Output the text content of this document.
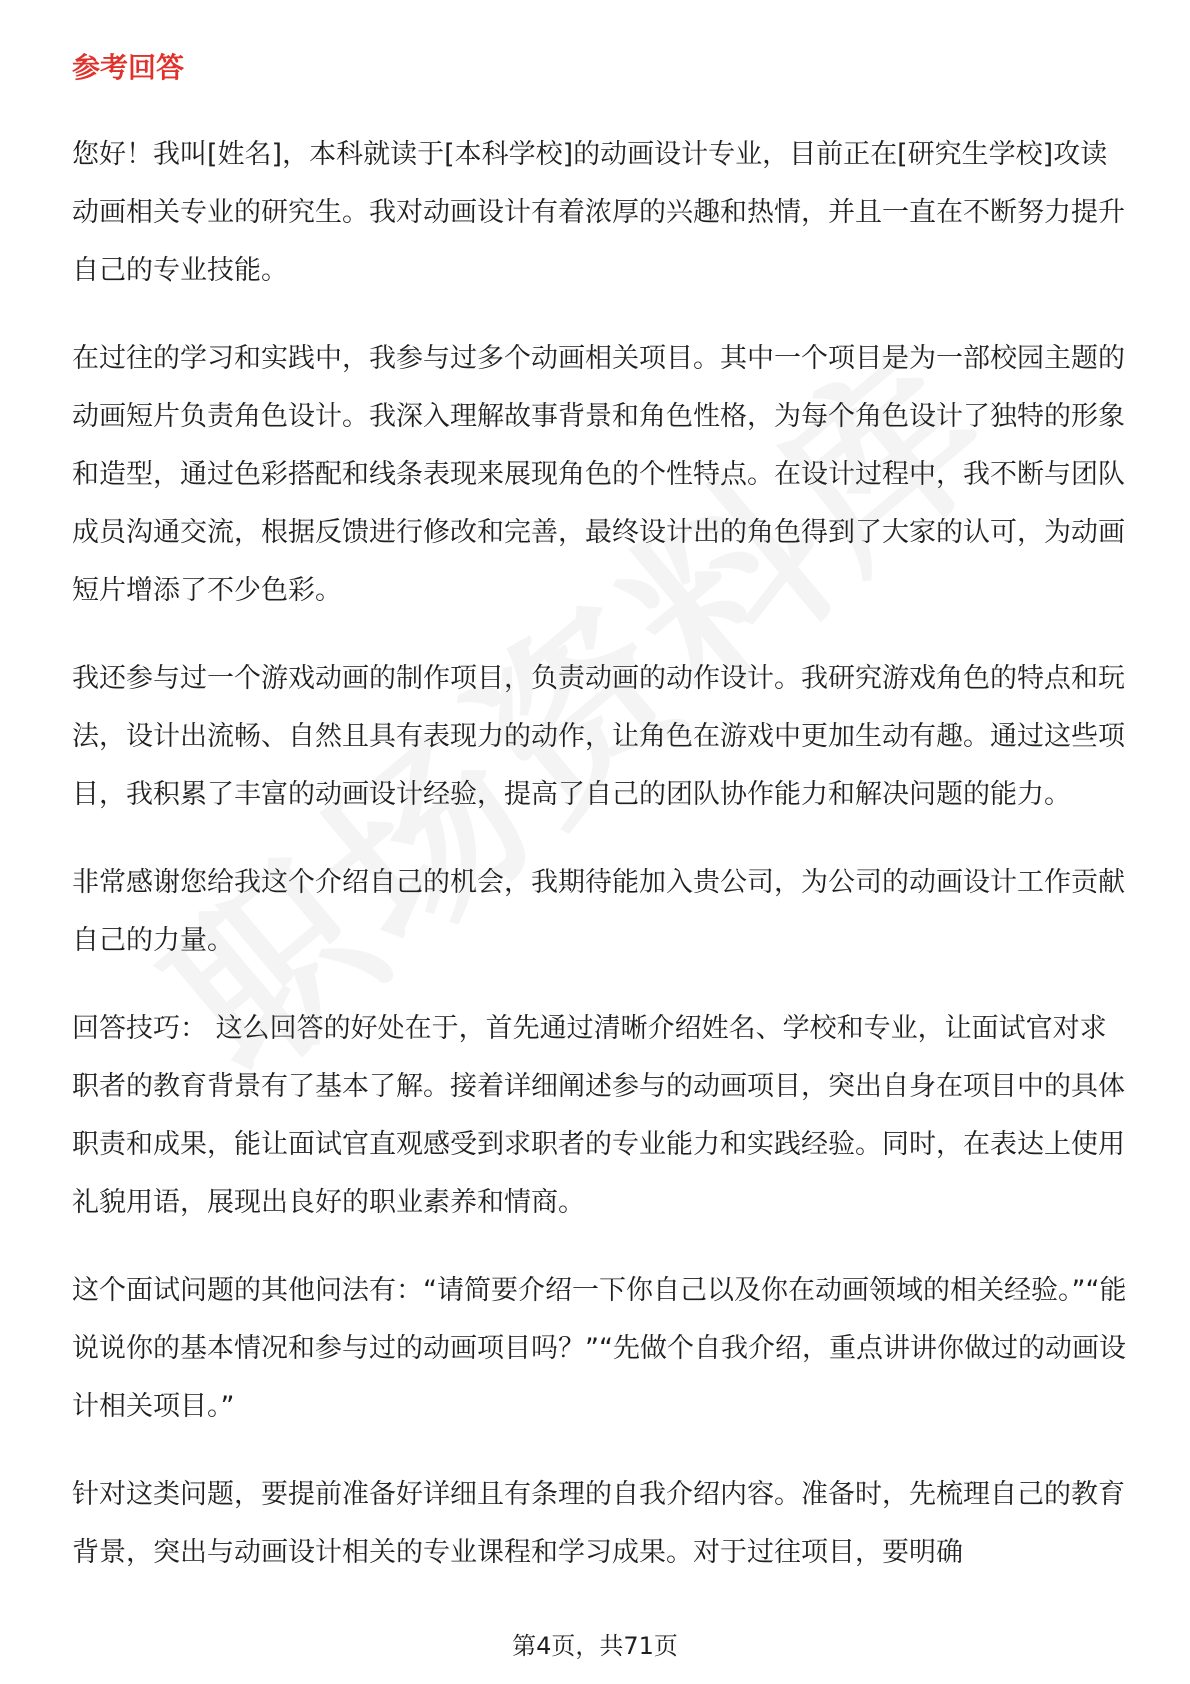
参考回答

您好！我叫[姓名]，本科就读于[本科学校]的动画设计专业，目前正在[研究生学校]攻读动画相关专业的研究生。我对动画设计有着浓厚的兴趣和热情，并且一直在不断努力提升自己的专业技能。

在过往的学习和实践中，我参与过多个动画相关项目。其中一个项目是为一部校园主题的动画短片负责角色设计。我深入理解故事背景和角色性格，为每个角色设计了独特的形象和造型，通过色彩搭配和线条表现来展现角色的个性特点。在设计过程中，我不断与团队成员沟通交流，根据反馈进行修改和完善，最终设计出的角色得到了大家的认可，为动画短片增添了不少色彩。

我还参与过一个游戏动画的制作项目，负责动画的动作设计。我研究游戏角色的特点和玩法，设计出流畅、自然且具有表现力的动作，让角色在游戏中更加生动有趣。通过这些项目，我积累了丰富的动画设计经验，提高了自己的团队协作能力和解决问题的能力。

非常感谢您给我这个介绍自己的机会，我期待能加入贵公司，为公司的动画设计工作贡献自己的力量。

回答技巧： 这么回答的好处在于，首先通过清晰介绍姓名、学校和专业，让面试官对求职者的教育背景有了基本了解。接着详细阐述参与的动画项目，突出自身在项目中的具体职责和成果，能让面试官直观感受到求职者的专业能力和实践经验。同时，在表达上使用礼貌用语，展现出良好的职业素养和情商。

这个面试问题的其他问法有：“请简要介绍一下你自己以及你在动画领域的相关经验。”“能说说你的基本情况和参与过的动画项目吗？”“先做个自我介绍，重点讲讲你做过的动画设计相关项目。”

针对这类问题，要提前准备好详细且有条理的自我介绍内容。准备时，先梳理自己的教育背景，突出与动画设计相关的专业课程和学习成果。对于过往项目，要明确

第4页，共71页
